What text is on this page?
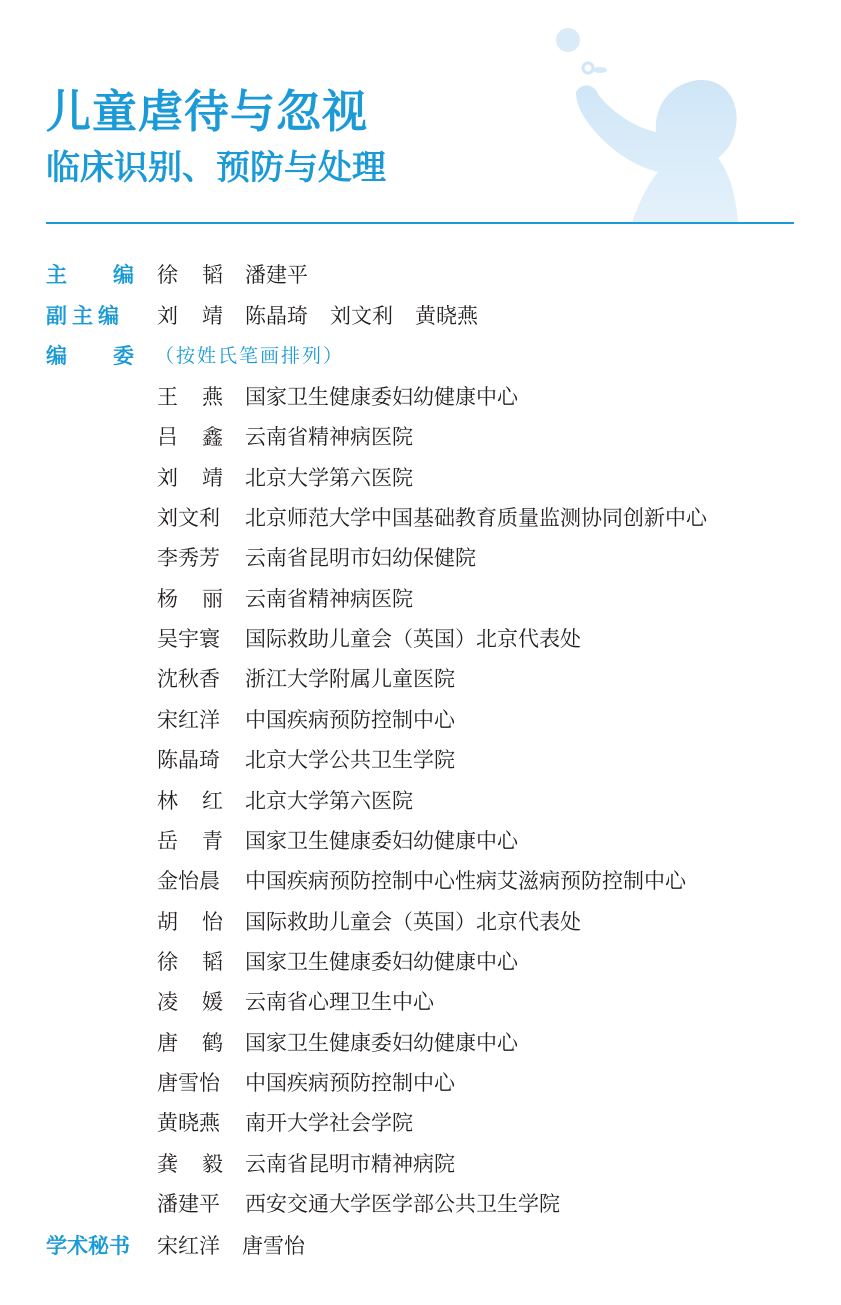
儿童虐待与忽视
临床识别、预防与处理
主 编 徐 韬 潘建平
副主编 刘 靖 陈晶琦 刘文利 黄晓燕
编 委 （按姓氏笔画排列）
王 燕 国家卫生健康委妇幼健康中心
吕 鑫 云南省精神病医院
刘 靖 北京大学第六医院
刘文利 北京师范大学中国基础教育质量监测协同创新中心
李秀芳 云南省昆明市妇幼保健院
杨 丽 云南省精神病医院
吴宇寰 国际救助儿童会（英国）北京代表处
沈秋香 浙江大学附属儿童医院
宋红洋 中国疾病预防控制中心
陈晶琦 北京大学公共卫生学院
林 红 北京大学第六医院
岳 青 国家卫生健康委妇幼健康中心
金怡晨 中国疾病预防控制中心性病艾滋病预防控制中心
胡 怡 国际救助儿童会（英国）北京代表处
徐 韬 国家卫生健康委妇幼健康中心
凌 媛 云南省心理卫生中心
唐 鹤 国家卫生健康委妇幼健康中心
唐雪怡 中国疾病预防控制中心
黄晓燕 南开大学社会学院
龚 毅 云南省昆明市精神病院
潘建平 西安交通大学医学部公共卫生学院
学术秘书 宋红洋 唐雪怡
